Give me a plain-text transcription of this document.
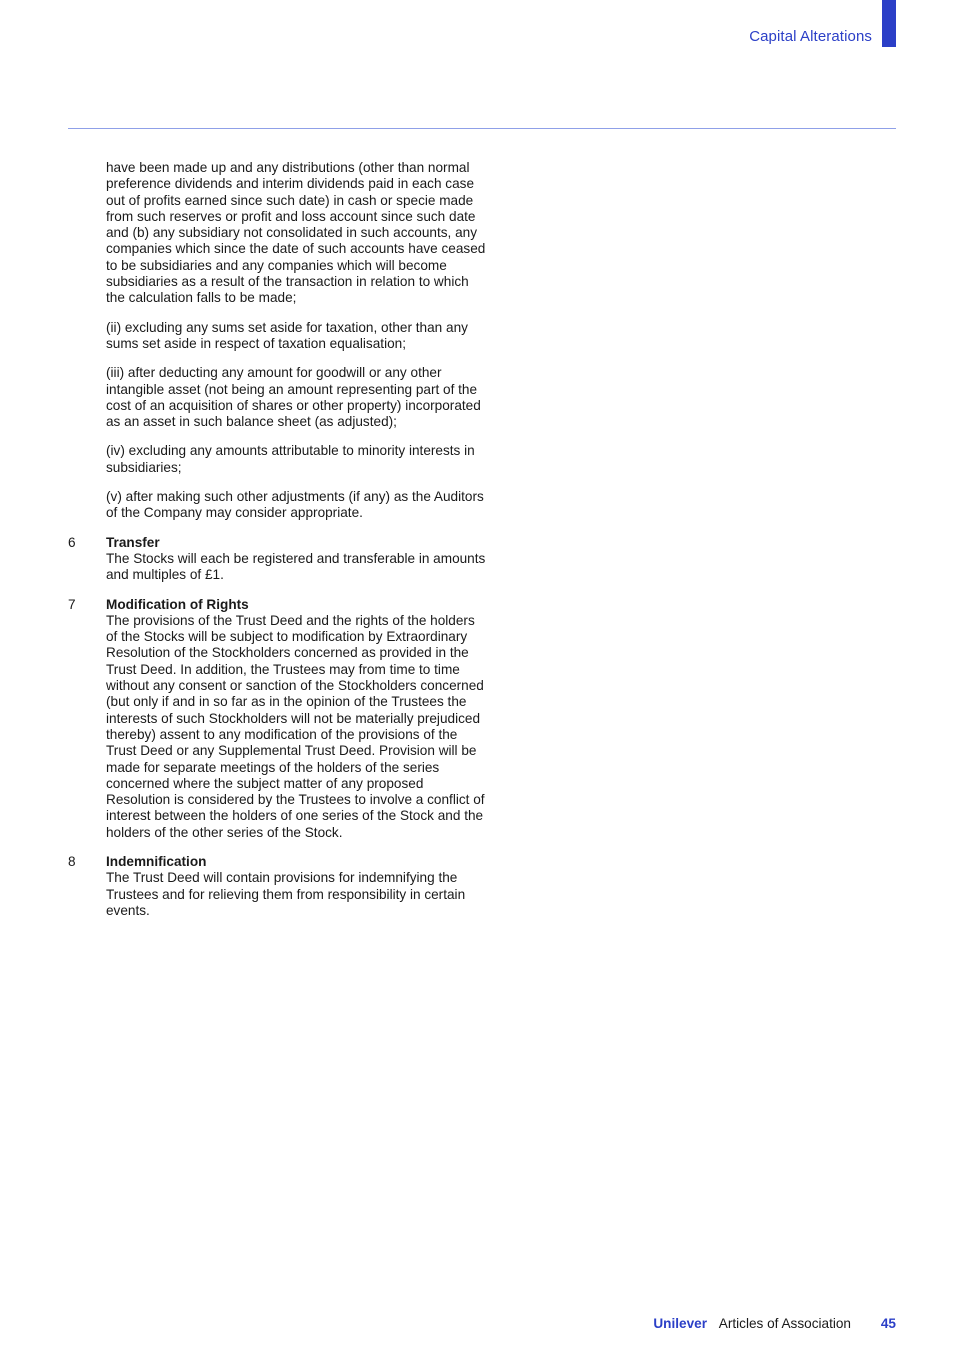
Capital Alterations

have been made up and any distributions (other than normal preference dividends and interim dividends paid in each case out of profits earned since such date) in cash or specie made from such reserves or profit and loss account since such date and (b) any subsidiary not consolidated in such accounts, any companies which since the date of such accounts have ceased to be subsidiaries and any companies which will become subsidiaries as a result of the transaction in relation to which the calculation falls to be made;

(ii) excluding any sums set aside for taxation, other than any sums set aside in respect of taxation equalisation;

(iii) after deducting any amount for goodwill or any other intangible asset (not being an amount representing part of the cost of an acquisition of shares or other property) incorporated as an asset in such balance sheet (as adjusted);

(iv) excluding any amounts attributable to minority interests in subsidiaries;

(v) after making such other adjustments (if any) as the Auditors of the Company may consider appropriate.

6	Transfer
The Stocks will each be registered and transferable in amounts and multiples of £1.
7	Modification of Rights
The provisions of the Trust Deed and the rights of the holders of the Stocks will be subject to modification by Extraordinary Resolution of the Stockholders concerned as provided in the Trust Deed. In addition, the Trustees may from time to time without any consent or sanction of the Stockholders concerned (but only if and in so far as in the opinion of the Trustees the interests of such Stockholders will not be materially prejudiced thereby) assent to any modification of the provisions of the Trust Deed or any Supplemental Trust Deed. Provision will be made for separate meetings of the holders of the series concerned where the subject matter of any proposed Resolution is considered by the Trustees to involve a conflict of interest between the holders of one series of the Stock and the holders of the other series of the Stock.
8	Indemnification
The Trust Deed will contain provisions for indemnifying the Trustees and for relieving them from responsibility in certain events.
Unilever Articles of Association 45
